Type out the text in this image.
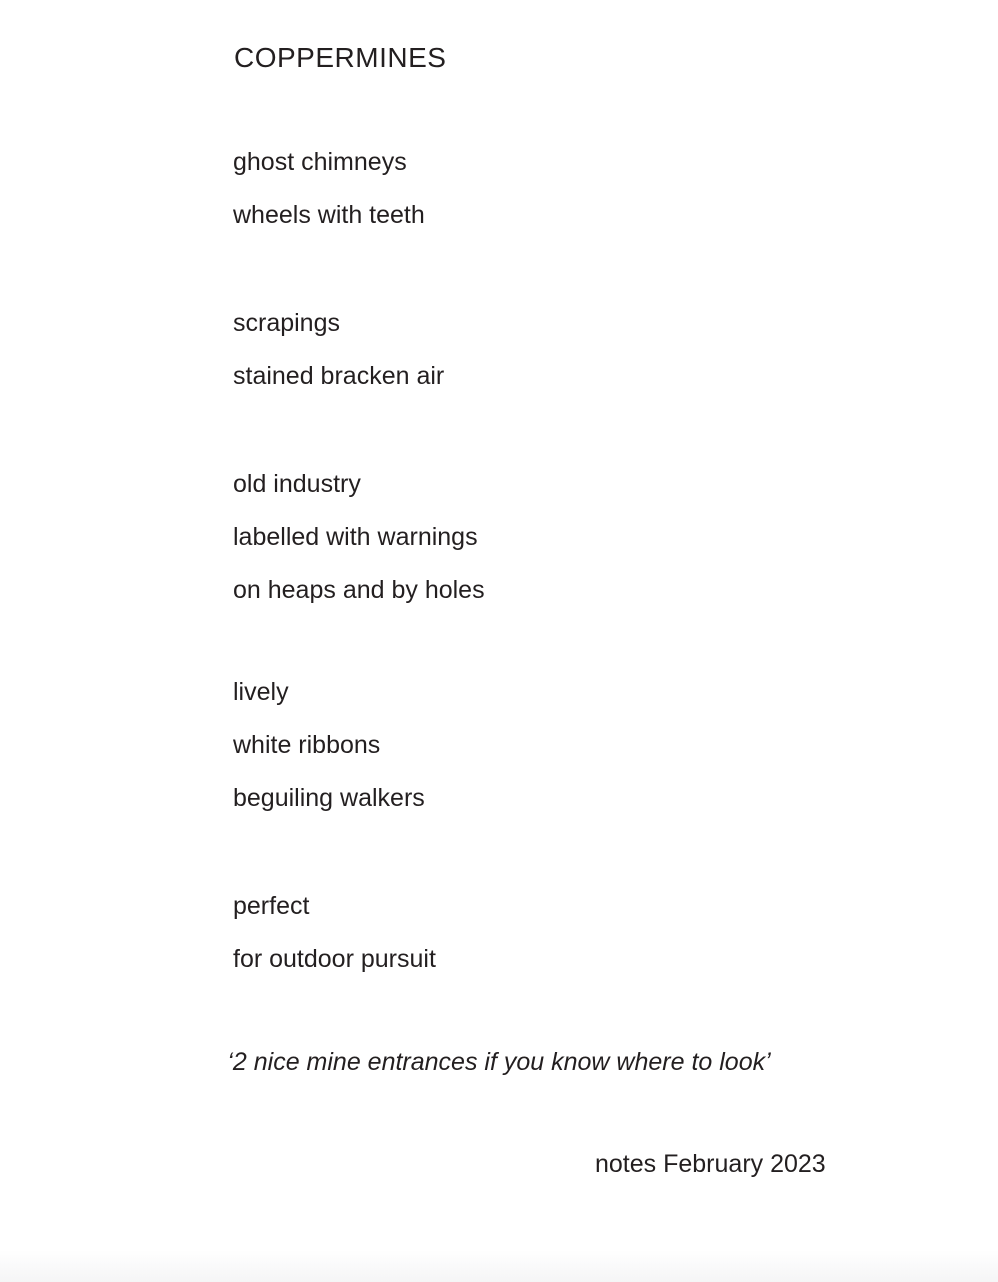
COPPERMINES
ghost chimneys
wheels with teeth
scrapings
stained bracken air
old industry
labelled with warnings
on heaps and by holes
lively
white ribbons
beguiling walkers
perfect
for outdoor pursuit
‘2 nice mine entrances if you know where to look’
notes February 2023
